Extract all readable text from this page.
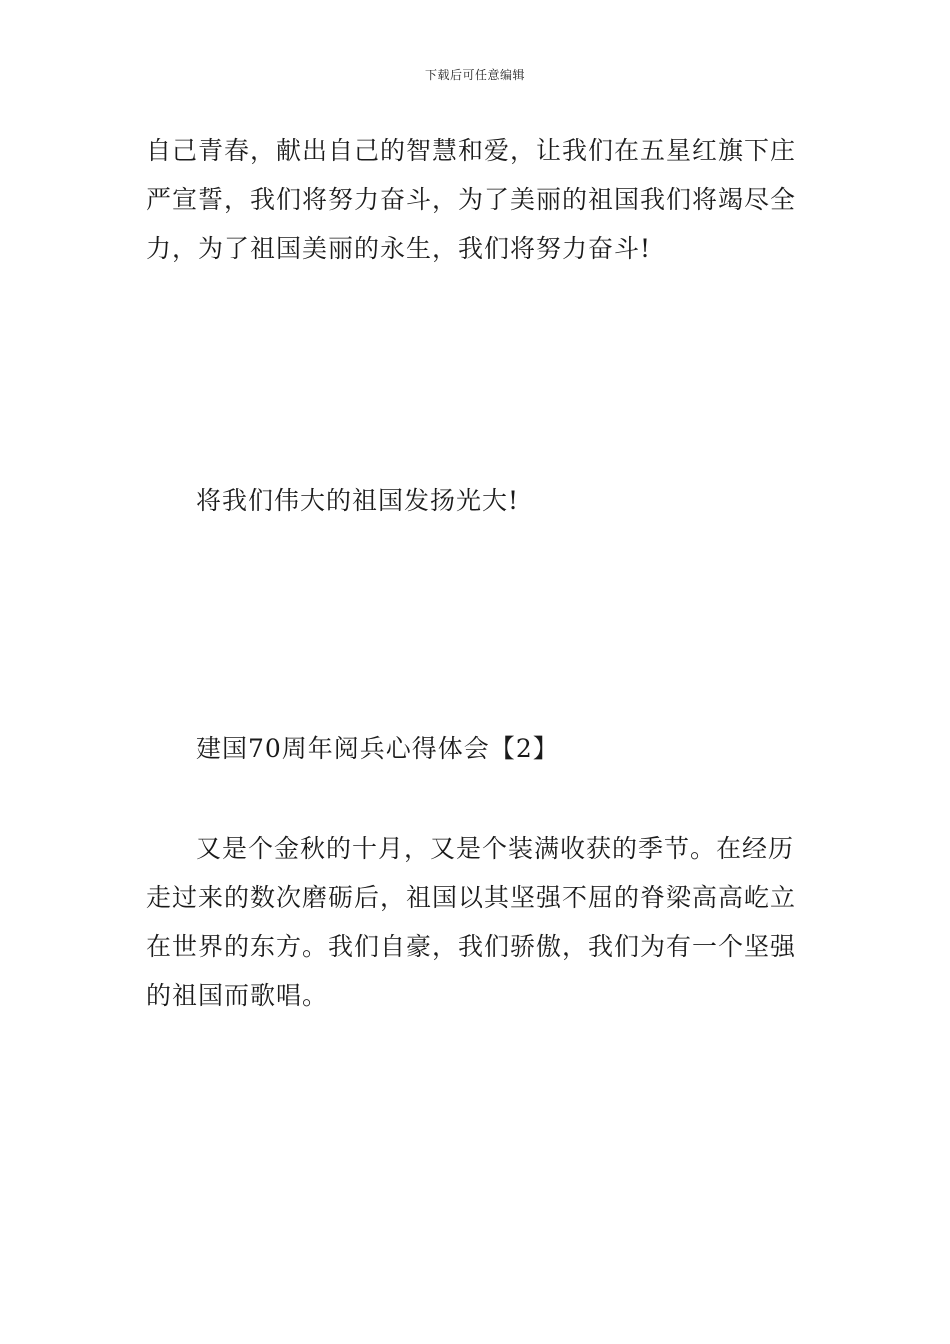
下载后可任意编辑
自己青春，献出自己的智慧和爱，让我们在五星红旗下庄
严宣誓，我们将努力奋斗，为了美丽的祖国我们将竭尽全
力，为了祖国美丽的永生，我们将努力奋斗!
将我们伟大的祖国发扬光大!
建国70周年阅兵心得体会【2】
又是个金秋的十月，又是个装满收获的季节。在经历
走过来的数次磨砺后，祖国以其坚强不屈的脊梁高高屹立
在世界的东方。我们自豪，我们骄傲，我们为有一个坚强
的祖国而歌唱。
